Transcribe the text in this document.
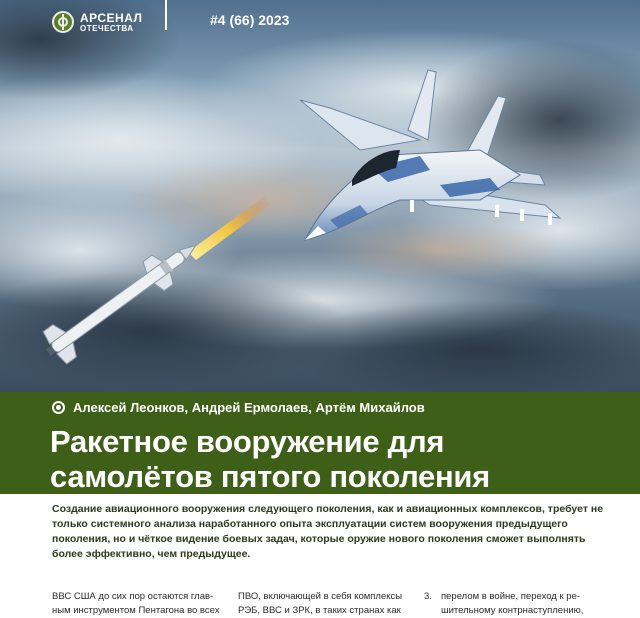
АРСЕНАЛ
ОТЕЧЕСТВА	#4 (66) 2023
Алексей Леонков, Андрей Ермолаев, Артём Михайлов
Ракетное вооружение для
самолётов пятого поколения
Создание авиационного вооружения следующего поколения, как и авиационных комплексов, требует не только системного анализа наработанного опыта эксплуатации систем вооружения предыдущего поколения, но и чёткое видение боевых задач, которые оружие нового поколения сможет выполнять более эффективно, чем предыдущее.
ВВС США до сих пор остаются глав-
ным инструментом Пентагона во всех
ПВО, включающей в себя комплексы
РЭБ, ВВС и ЗРК, в таких странах как
3. перелом в войне, переход к ре-
шительному контрнаступлению,
